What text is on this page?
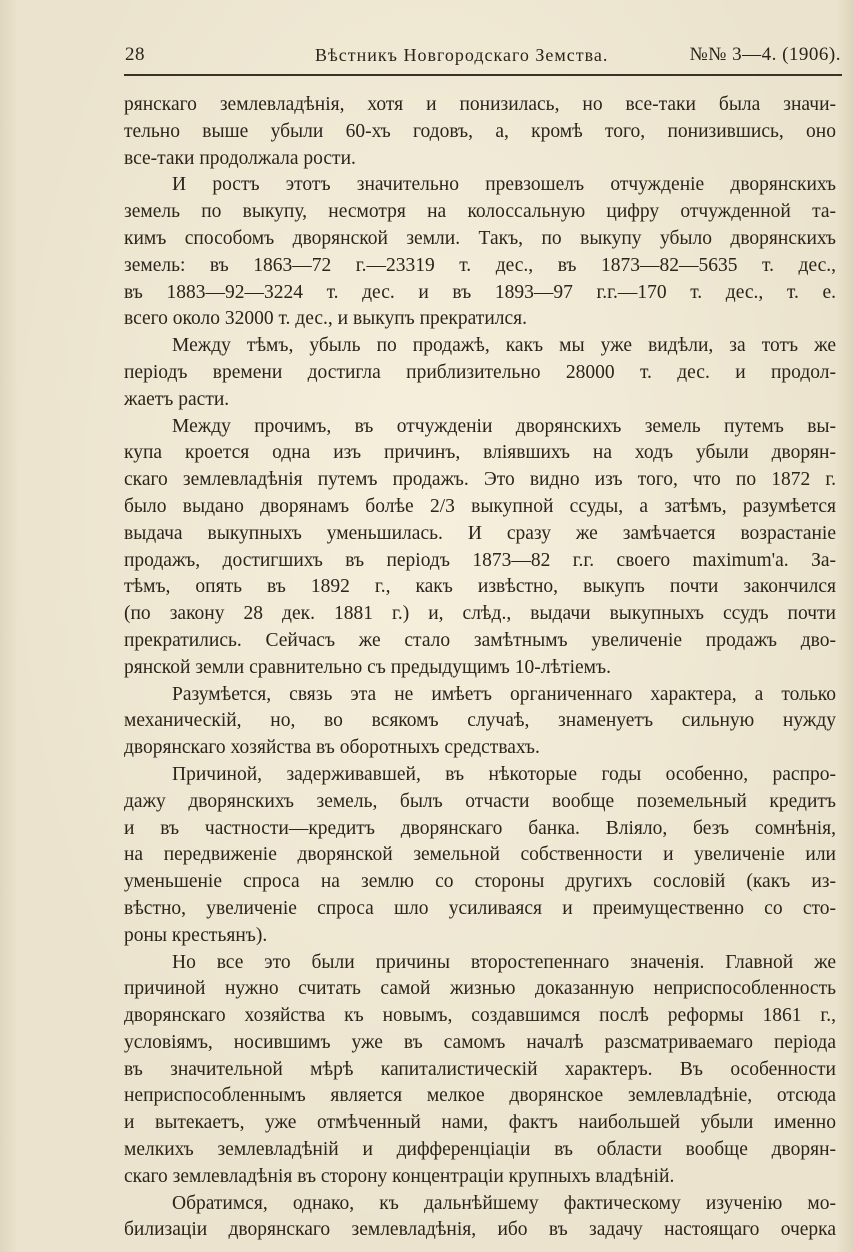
28	Вѣстникъ Новгородскаго Земства.	№№ 3—4. (1906).
рянскаго землевладѣнія, хотя и понизилась, но все-таки была значи-
тельно выше убыли 60-хъ годовъ, а, кромѣ того, понизившись, оно
все-таки продолжала рости.
И ростъ этотъ значительно превзошелъ отчужденіе дворянскихъ
земель по выкупу, несмотря на колоссальную цифру отчужденной та-
кимъ способомъ дворянской земли. Такъ, по выкупу убыло дворянскихъ
земель: въ 1863—72 г.—23319 т. дес., въ 1873—82—5635 т. дес.,
въ 1883—92—3224 т. дес. и въ 1893—97 г.г.—170 т. дес., т. е.
всего около 32000 т. дес., и выкупъ прекратился.
Между тѣмъ, убыль по продажѣ, какъ мы уже видѣли, за тотъ же
періодъ времени достигла приблизительно 28000 т. дес. и продол-
жаетъ расти.
Между прочимъ, въ отчужденіи дворянскихъ земель путемъ вы-
купа кроется одна изъ причинъ, вліявшихъ на ходъ убыли дворян-
скаго землевладѣнія путемъ продажъ. Это видно изъ того, что по 1872 г.
было выдано дворянамъ болѣе 2/3 выкупной ссуды, а затѣмъ, разумѣется
выдача выкупныхъ уменьшилась. И сразу же замѣчается возрастаніе
продажъ, достигшихъ въ періодъ 1873—82 г.г. своего maximum'а. За-
тѣмъ, опять въ 1892 г., какъ извѣстно, выкупъ почти закончился
(по закону 28 дек. 1881 г.) и, слѣд., выдачи выкупныхъ ссудъ почти
прекратились. Сейчасъ же стало замѣтнымъ увеличеніе продажъ дво-
рянской земли сравнительно съ предыдущимъ 10-лѣтіемъ.
Разумѣется, связь эта не имѣетъ органиченнаго характера, а только
механическій, но, во всякомъ случаѣ, знаменуетъ сильную нужду
дворянскаго хозяйства въ оборотныхъ средствахъ.
Причиной, задерживавшей, въ нѣкоторые годы особенно, распро-
дажу дворянскихъ земель, былъ отчасти вообще поземельный кредитъ
и въ частности—кредитъ дворянскаго банка. Вліяло, безъ сомнѣнія,
на передвиженіе дворянской земельной собственности и увеличеніе или
уменьшеніе спроса на землю со стороны другихъ сословій (какъ из-
вѣстно, увеличеніе спроса шло усиливаяся и преимущественно со сто-
роны крестьянъ).
Но все это были причины второстепеннаго значенія. Главной же
причиной нужно считать самой жизнью доказанную неприспособленность
дворянскаго хозяйства къ новымъ, создавшимся послѣ реформы 1861 г.,
условіямъ, носившимъ уже въ самомъ началѣ разсматриваемаго періода
въ значительной мѣрѣ капиталистическій характеръ. Въ особенности
неприспособленнымъ является мелкое дворянское землевладѣніе, отсюда
и вытекаетъ, уже отмѣченный нами, фактъ наибольшей убыли именно
мелкихъ землевладѣній и дифференціаціи въ области вообще дворян-
скаго землевладѣнія въ сторону концентраціи крупныхъ владѣній.
Обратимся, однако, къ дальнѣйшему фактическому изученію мо-
билизаціи дворянскаго землевладѣнія, ибо въ задачу настоящаго очерка
